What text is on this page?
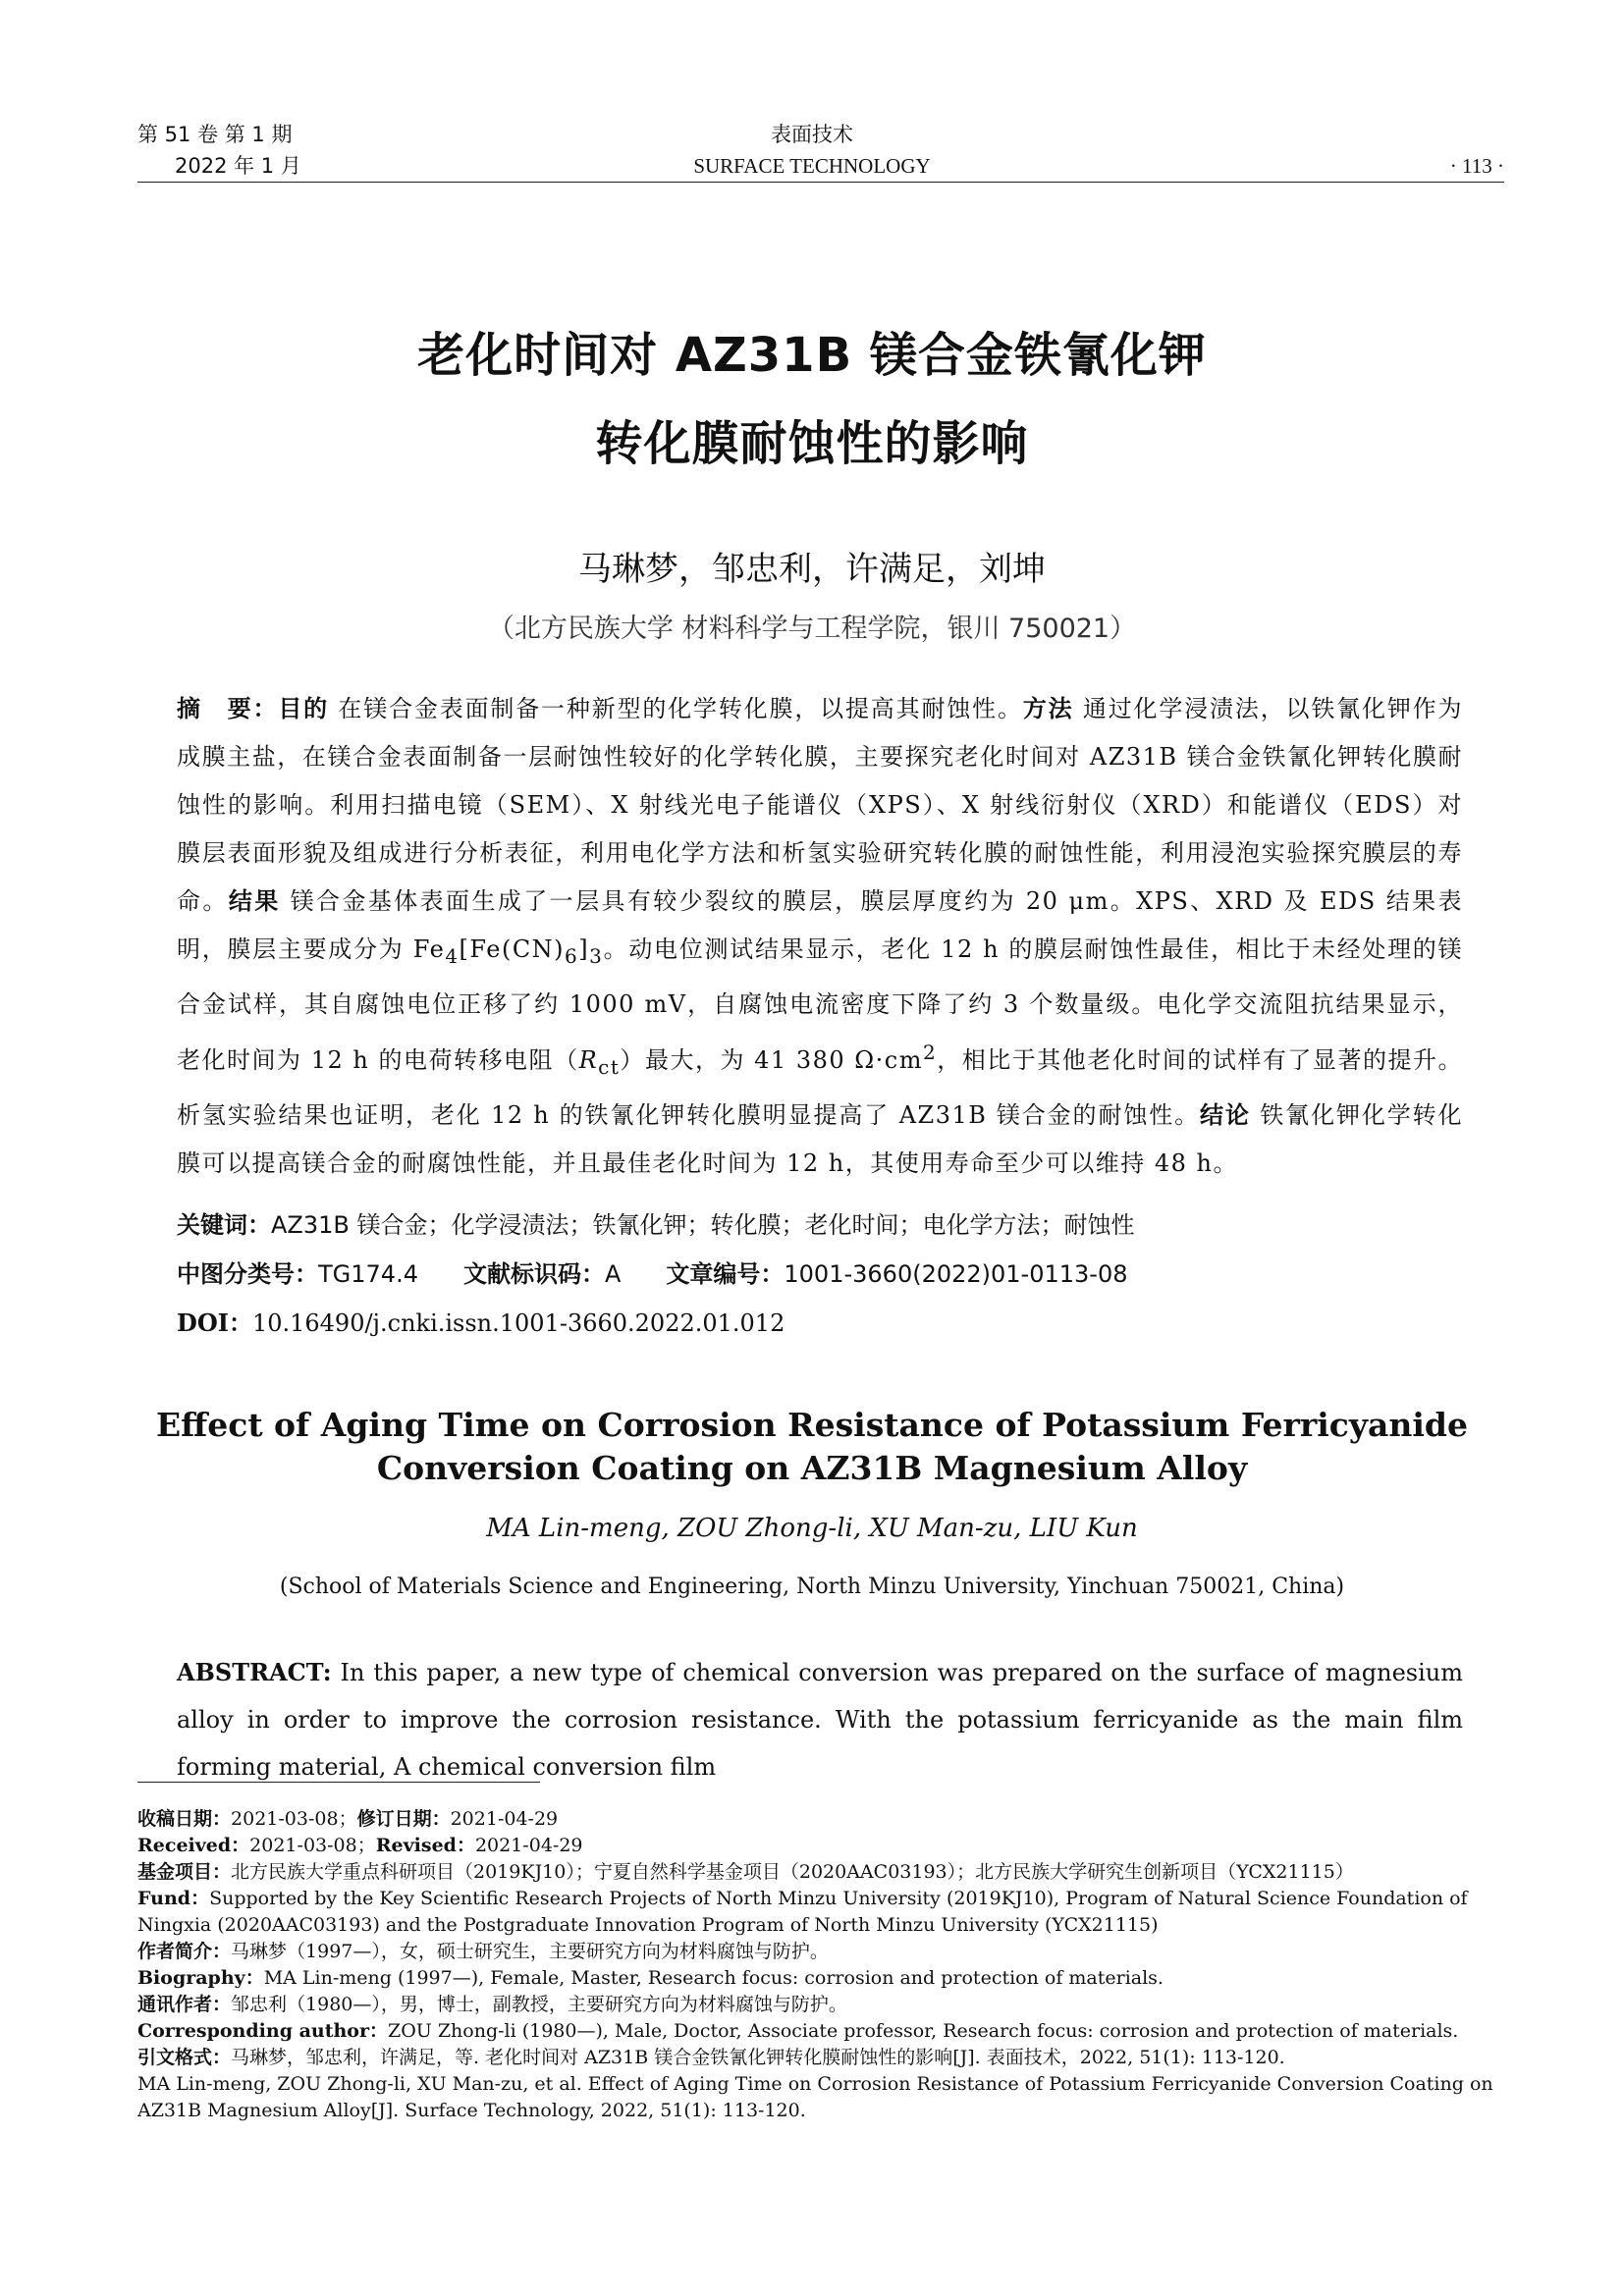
第 51 卷 第 1 期
2022 年 1 月
表面技术
SURFACE TECHNOLOGY	· 113 ·
老化时间对 AZ31B 镁合金铁氰化钾
转化膜耐蚀性的影响
马琳梦，邹忠利，许满足，刘坤
（北方民族大学 材料科学与工程学院，银川 750021）
摘　要：目的 在镁合金表面制备一种新型的化学转化膜，以提高其耐蚀性。方法 通过化学浸渍法，以铁氰化钾作为成膜主盐，在镁合金表面制备一层耐蚀性较好的化学转化膜，主要探究老化时间对 AZ31B 镁合金铁氰化钾转化膜耐蚀性的影响。利用扫描电镜（SEM）、X 射线光电子能谱仪（XPS）、X 射线衍射仪（XRD）和能谱仪（EDS）对膜层表面形貌及组成进行分析表征，利用电化学方法和析氢实验研究转化膜的耐蚀性能，利用浸泡实验探究膜层的寿命。结果 镁合金基体表面生成了一层具有较少裂纹的膜层，膜层厚度约为 20 μm。XPS、XRD 及 EDS 结果表明，膜层主要成分为 $Fe_4[Fe(CN)_6]_3$。动电位测试结果显示，老化 12 h 的膜层耐蚀性最佳，相比于未经处理的镁合金试样，其自腐蚀电位正移了约 1000 mV，自腐蚀电流密度下降了约 3 个数量级。电化学交流阻抗结果显示，老化时间为 12 h 的电荷转移电阻$(R_{ct})$最大，为 41 380 $\Omega\cdot cm^2$，相比于其他老化时间的试样有了显著的提升。析氢实验结果也证明，老化 12 h 的铁氰化钾转化膜明显提高了 AZ31B 镁合金的耐蚀性。结论 铁氰化钾化学转化膜可以提高镁合金的耐腐蚀性能，并且最佳老化时间为 12 h，其使用寿命至少可以维持 48 h。
关键词：AZ31B 镁合金；化学浸渍法；铁氰化钾；转化膜；老化时间；电化学方法；耐蚀性
中图分类号：TG174.4 文献标识码：A 文章编号：1001-3660(2022)01-0113-08
DOI：10.16490/j.cnki.issn.1001-3660.2022.01.012
Effect of Aging Time on Corrosion Resistance of Potassium Ferricyanide
Conversion Coating on AZ31B Magnesium Alloy
MA Lin-meng, ZOU Zhong-li, XU Man-zu, LIU Kun
(School of Materials Science and Engineering, North Minzu University, Yinchuan 750021, China)
ABSTRACT: In this paper, a new type of chemical conversion was prepared on the surface of magnesium alloy in order to improve the corrosion resistance. With the potassium ferricyanide as the main film forming material, A chemical conversion film
收稿日期：2021-03-08；修订日期：2021-04-29
Received：2021-03-08；Revised：2021-04-29
基金项目：北方民族大学重点科研项目（2019KJ10）；宁夏自然科学基金项目（2020AAC03193）；北方民族大学研究生创新项目（YCX21115）
Fund：Supported by the Key Scientific Research Projects of North Minzu University (2019KJ10), Program of Natural Science Foundation of Ningxia (2020AAC03193) and the Postgraduate Innovation Program of North Minzu University (YCX21115)
作者简介：马琳梦（1997—），女，硕士研究生，主要研究方向为材料腐蚀与防护。
Biography：MA Lin-meng (1997—), Female, Master, Research focus: corrosion and protection of materials.
通讯作者：邹忠利（1980—），男，博士，副教授，主要研究方向为材料腐蚀与防护。
Corresponding author：ZOU Zhong-li (1980—), Male, Doctor, Associate professor, Research focus: corrosion and protection of materials.
引文格式：马琳梦，邹忠利，许满足，等. 老化时间对 AZ31B 镁合金铁氰化钾转化膜耐蚀性的影响[J]. 表面技术，2022, 51(1): 113-120.
MA Lin-meng, ZOU Zhong-li, XU Man-zu, et al. Effect of Aging Time on Corrosion Resistance of Potassium Ferricyanide Conversion Coating on AZ31B Magnesium Alloy[J]. Surface Technology, 2022, 51(1): 113-120.
